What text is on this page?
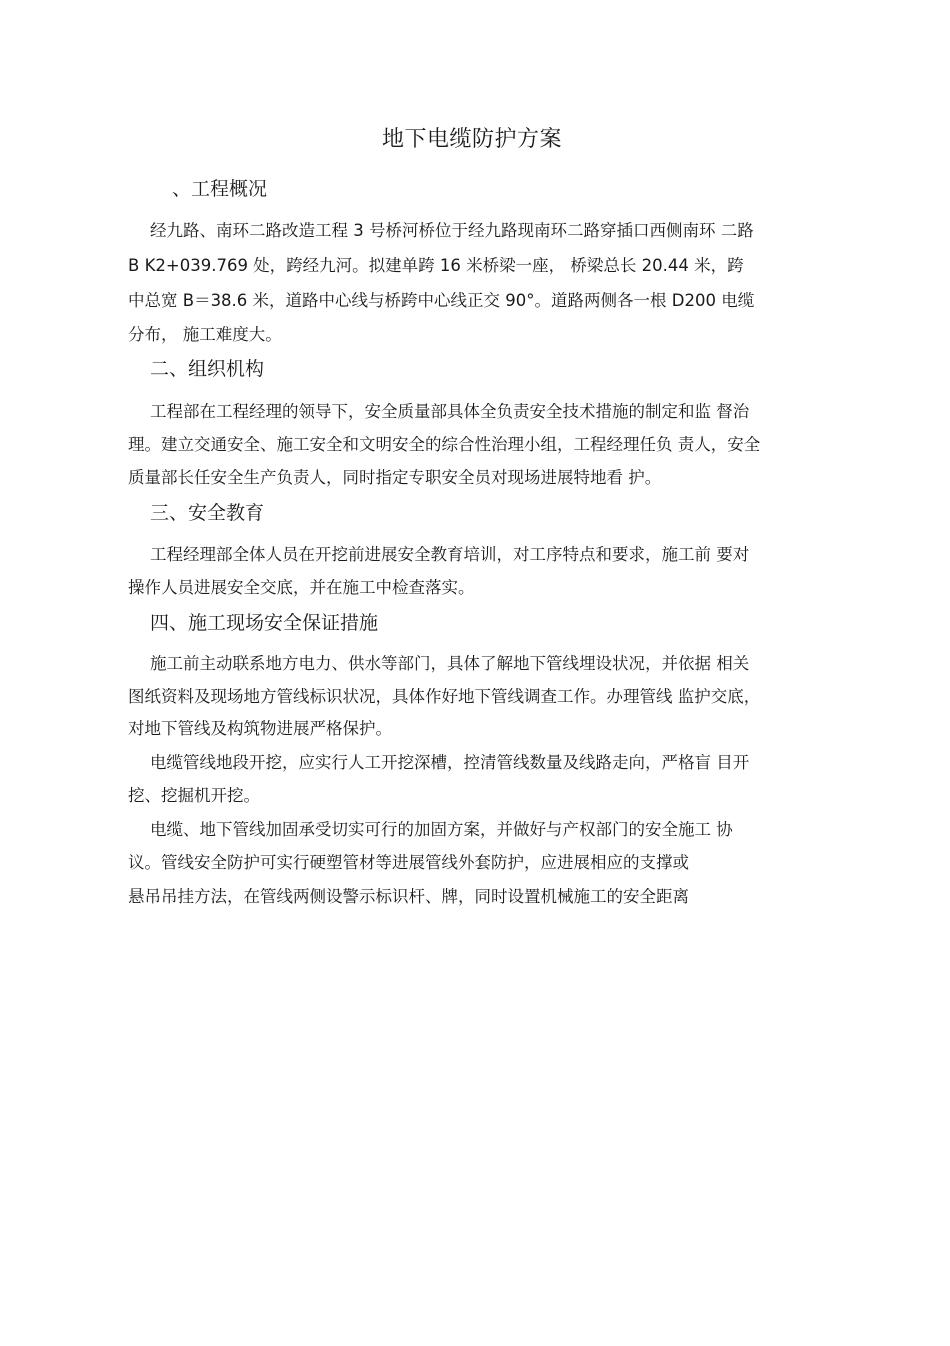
地下电缆防护方案
、工程概况
经九路、南环二路改造工程 3 号桥河桥位于经九路现南环二路穿插口西侧南环 二路
B K2+039.769 处，跨经九河。拟建单跨 16 米桥梁一座， 桥梁总长 20.44 米，跨
中总宽 B＝38.6 米，道路中心线与桥跨中心线正交 90°。道路两侧各一根 D200 电缆
分布， 施工难度大。
二、组织机构
工程部在工程经理的领导下，安全质量部具体全负责安全技术措施的制定和监 督治
理。建立交通安全、施工安全和文明安全的综合性治理小组，工程经理任负 责人，安全
质量部长任安全生产负责人，同时指定专职安全员对现场进展特地看 护。
三、安全教育
工程经理部全体人员在开挖前进展安全教育培训，对工序特点和要求，施工前 要对
操作人员进展安全交底，并在施工中检查落实。
四、施工现场安全保证措施
施工前主动联系地方电力、供水等部门，具体了解地下管线埋设状况，并依据 相关
图纸资料及现场地方管线标识状况，具体作好地下管线调查工作。办理管线 监护交底，
对地下管线及构筑物进展严格保护。
电缆管线地段开挖，应实行人工开挖深槽，控清管线数量及线路走向，严格盲 目开
挖、挖掘机开挖。
电缆、地下管线加固承受切实可行的加固方案，并做好与产权部门的安全施工 协
议。管线安全防护可实行硬塑管材等进展管线外套防护，应进展相应的支撑或
悬吊吊挂方法，在管线两侧设警示标识杆、牌，同时设置机械施工的安全距离
